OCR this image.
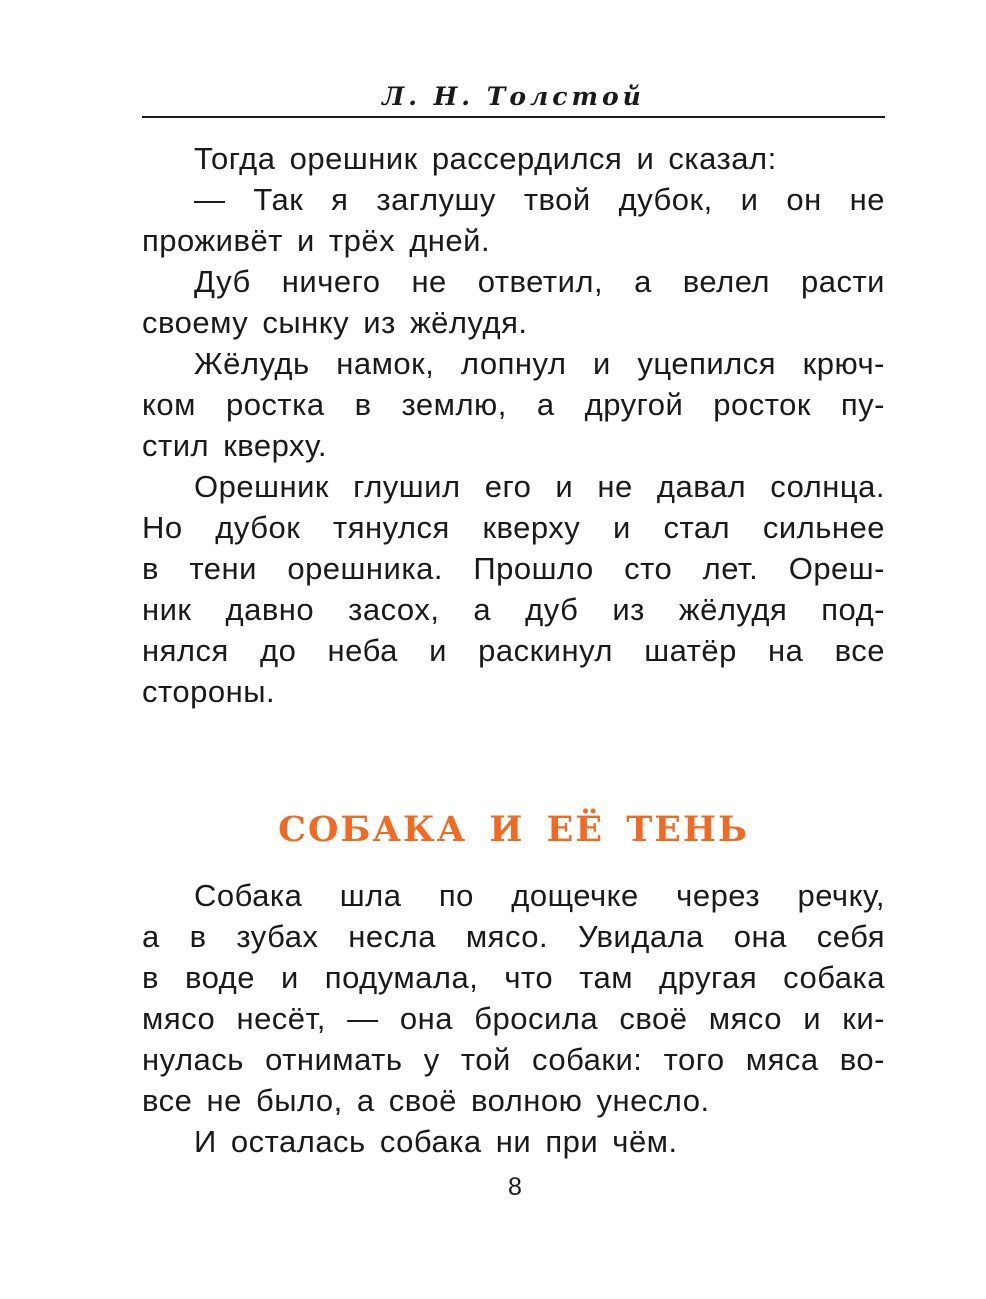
Л. Н. Толстой
Тогда орешник рассердился и сказал:
— Так я заглушу твой дубок, и он не
проживёт и трёх дней.
Дуб ничего не ответил, а велел расти
своему сынку из жёлудя.
Жёлудь намок, лопнул и уцепился крюч-
ком ростка в землю, а другой росток пу-
стил кверху.
Орешник глушил его и не давал солнца.
Но дубок тянулся кверху и стал сильнее
в тени орешника. Прошло сто лет. Ореш-
ник давно засох, а дуб из жёлудя под-
нялся до неба и раскинул шатёр на все
стороны.
СОБАКА И ЕЁ ТЕНЬ
Собака шла по дощечке через речку,
а в зубах несла мясо. Увидала она себя
в воде и подумала, что там другая собака
мясо несёт, — она бросила своё мясо и ки-
нулась отнимать у той собаки: того мяса во-
все не было, а своё волною унесло.
И осталась собака ни при чём.
8
